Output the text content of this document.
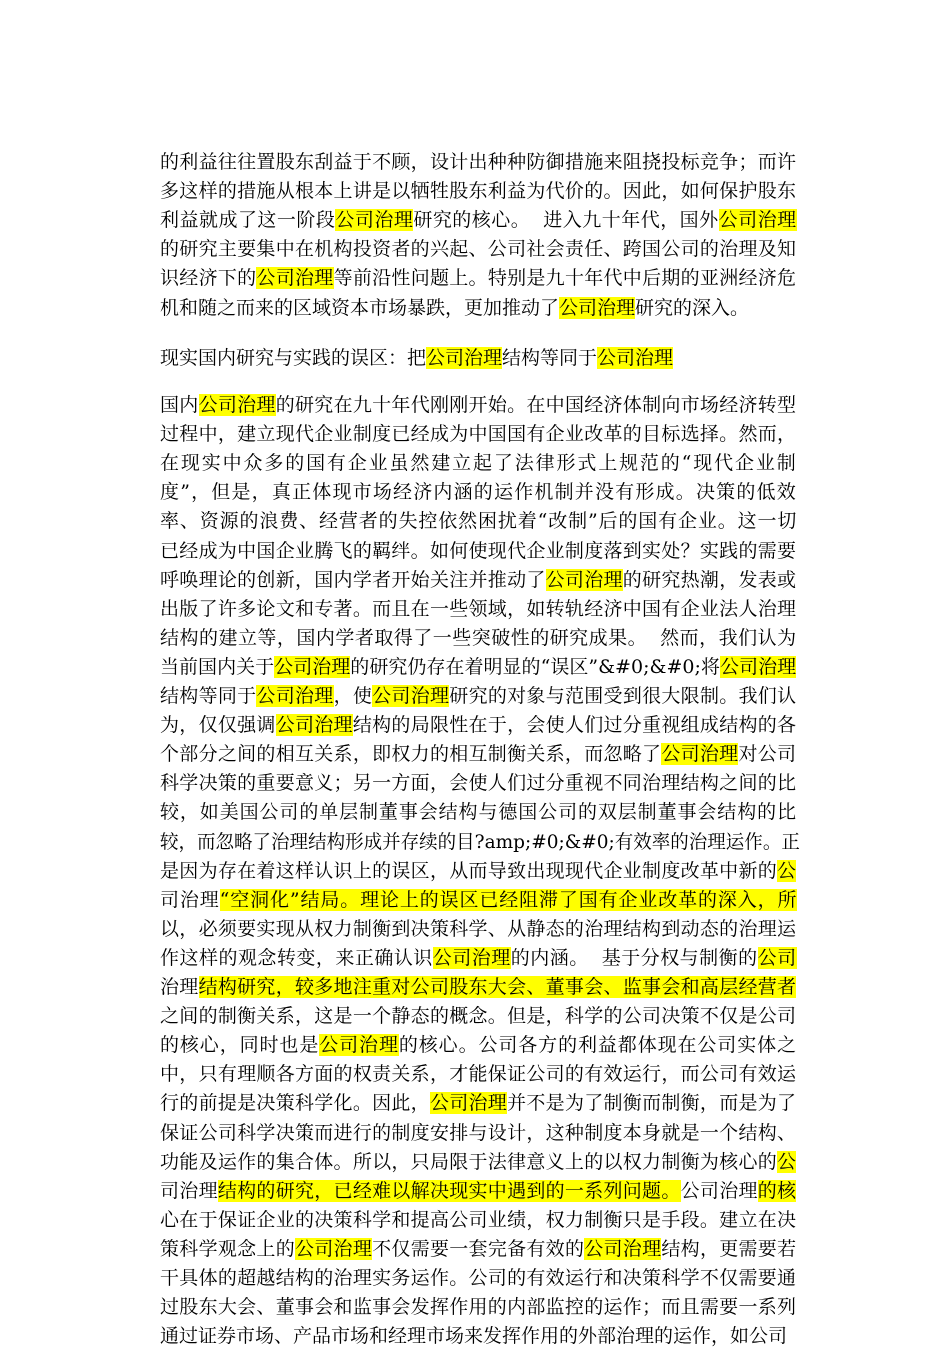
的利益往往置股东刮益于不顾，设计出种种防御措施来阻挠投标竞争；而许
多这样的措施从根本上讲是以牺牲股东利益为代价的。因此，如何保护股东
利益就成了这一阶段公司治理研究的核心。  进入九十年代，国外公司治理
的研究主要集中在机构投资者的兴起、公司社会责任、跨国公司的治理及知
识经济下的公司治理等前沿性问题上。特别是九十年代中后期的亚洲经济危
机和随之而来的区域资本市场暴跌，更加推动了公司治理研究的深入。
现实国内研究与实践的误区：把公司治理结构等同于公司治理
国内公司治理的研究在九十年代刚刚开始。在中国经济体制向市场经济转型
过程中，建立现代企业制度已经成为中国国有企业改革的目标选择。然而，
在现实中众多的国有企业虽然建立起了法律形式上规范的“现代企业制
度”，但是，真正体现市场经济内涵的运作机制并没有形成。决策的低效
率、资源的浪费、经营者的失控依然困扰着“改制”后的国有企业。这一切
已经成为中国企业腾飞的羁绊。如何使现代企业制度落到实处？实践的需要
呼唤理论的创新，国内学者开始关注并推动了公司治理的研究热潮，发表或
出版了许多论文和专著。而且在一些领域，如转轨经济中国有企业法人治理
结构的建立等，国内学者取得了一些突破性的研究成果。  然而，我们认为
当前国内关于公司治理的研究仍存在着明显的“误区”&#0;&#0;将公司治理
结构等同于公司治理，使公司治理研究的对象与范围受到很大限制。我们认
为，仅仅强调公司治理结构的局限性在于，会使人们过分重视组成结构的各
个部分之间的相互关系，即权力的相互制衡关系，而忽略了公司治理对公司
科学决策的重要意义；另一方面，会使人们过分重视不同治理结构之间的比
较，如美国公司的单层制董事会结构与德国公司的双层制董事会结构的比
较，而忽略了治理结构形成并存续的目?amp;#0;&#0;有效率的治理运作。正
是因为存在着这样认识上的误区，从而导致出现现代企业制度改革中新的公
司治理“空洞化”结局。理论上的误区已经阻滞了国有企业改革的深入，所
以，必须要实现从权力制衡到决策科学、从静态的治理结构到动态的治理运
作这样的观念转变，来正确认识公司治理的内涵。  基于分权与制衡的公司
治理结构研究，较多地注重对公司股东大会、董事会、监事会和高层经营者
之间的制衡关系，这是一个静态的概念。但是，科学的公司决策不仅是公司
的核心，同时也是公司治理的核心。公司各方的利益都体现在公司实体之
中，只有理顺各方面的权责关系，才能保证公司的有效运行，而公司有效运
行的前提是决策科学化。因此，公司治理并不是为了制衡而制衡，而是为了
保证公司科学决策而进行的制度安排与设计，这种制度本身就是一个结构、
功能及运作的集合体。所以，只局限于法律意义上的以权力制衡为核心的公
司治理结构的研究，已经难以解决现实中遇到的一系列问题。公司治理的核
心在于保证企业的决策科学和提高公司业绩，权力制衡只是手段。建立在决
策科学观念上的公司治理不仅需要一套完备有效的公司治理结构，更需要若
干具体的超越结构的治理实务运作。公司的有效运行和决策科学不仅需要通
过股东大会、董事会和监事会发挥作用的内部监控的运作；而且需要一系列
通过证券市场、产品市场和经理市场来发挥作用的外部治理的运作，如公司
